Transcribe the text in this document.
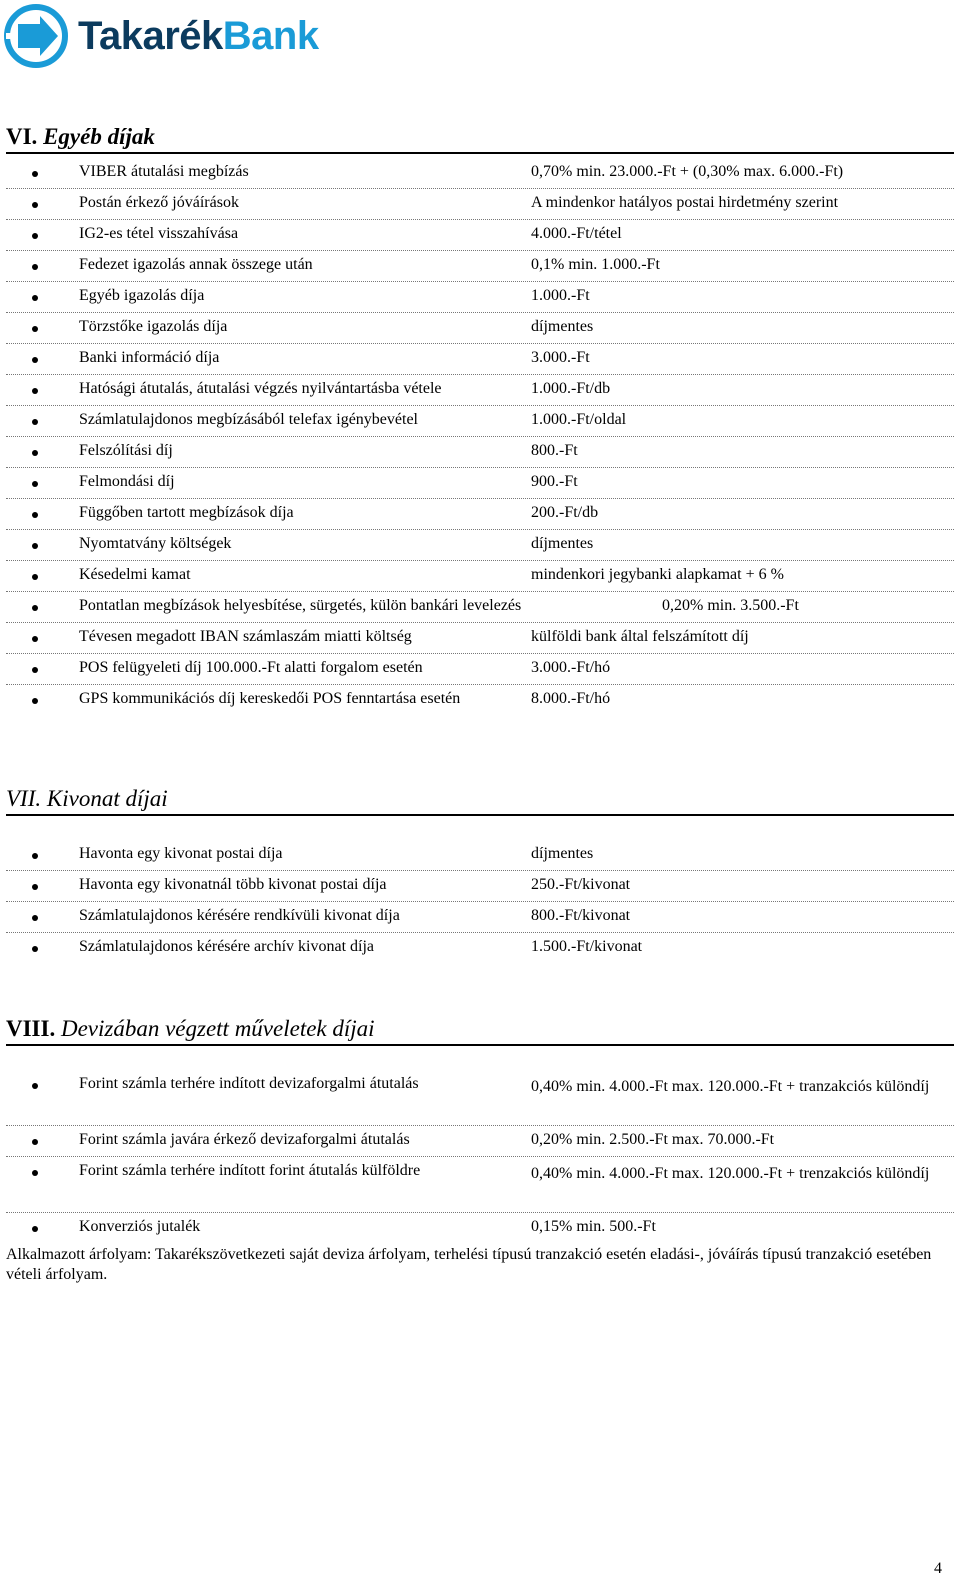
TakarékBank
VI. Egyéb díjak
VIBER átutalási megbízás	0,70% min. 23.000.-Ft + (0,30% max. 6.000.-Ft)
Postán érkező jóváírások	A mindenkor hatályos postai hirdetmény szerint
IG2-es tétel visszahívása	4.000.-Ft/tétel
Fedezet igazolás annak összege után	0,1% min. 1.000.-Ft
Egyéb igazolás díja	1.000.-Ft
Törzstőke igazolás díja	díjmentes
Banki információ díja	3.000.-Ft
Hatósági átutalás, átutalási végzés nyilvántartásba vétele	1.000.-Ft/db
Számlatulajdonos megbízásából telefax igénybevétel	1.000.-Ft/oldal
Felszólítási díj	800.-Ft
Felmondási díj	900.-Ft
Függőben tartott megbízások díja	200.-Ft/db
Nyomtatvány költségek	díjmentes
Késedelmi kamat	mindenkori jegybanki alapkamat + 6 %
Pontatlan megbízások helyesbítése, sürgetés, külön bankári levelezés	0,20% min. 3.500.-Ft
Tévesen megadott IBAN számlaszám miatti költség	külföldi bank által felszámított díj
POS felügyeleti díj 100.000.-Ft alatti forgalom esetén	3.000.-Ft/hó
GPS kommunikációs díj kereskedői POS fenntartása esetén	8.000.-Ft/hó
VII. Kivonat díjai
Havonta egy kivonat postai díja	díjmentes
Havonta egy kivonatnál több kivonat postai díja	250.-Ft/kivonat
Számlatulajdonos kérésére rendkívüli kivonat díja	800.-Ft/kivonat
Számlatulajdonos kérésére archív kivonat díja	1.500.-Ft/kivonat
VIII. Devizában végzett műveletek díjai
Forint számla terhére indított devizaforgalmi átutalás	0,40% min. 4.000.-Ft max. 120.000.-Ft + tranzakciós különdíj
Forint számla javára érkező devizaforgalmi átutalás	0,20% min. 2.500.-Ft max. 70.000.-Ft
Forint számla terhére indított forint átutalás külföldre	0,40% min. 4.000.-Ft max. 120.000.-Ft + trenzakciós különdíj
Konverziós jutalék	0,15% min. 500.-Ft
Alkalmazott árfolyam: Takarékszövetkezeti saját deviza árfolyam, terhelési típusú tranzakció esetén eladási-, jóváírás típusú tranzakció esetében vételi árfolyam.
4
